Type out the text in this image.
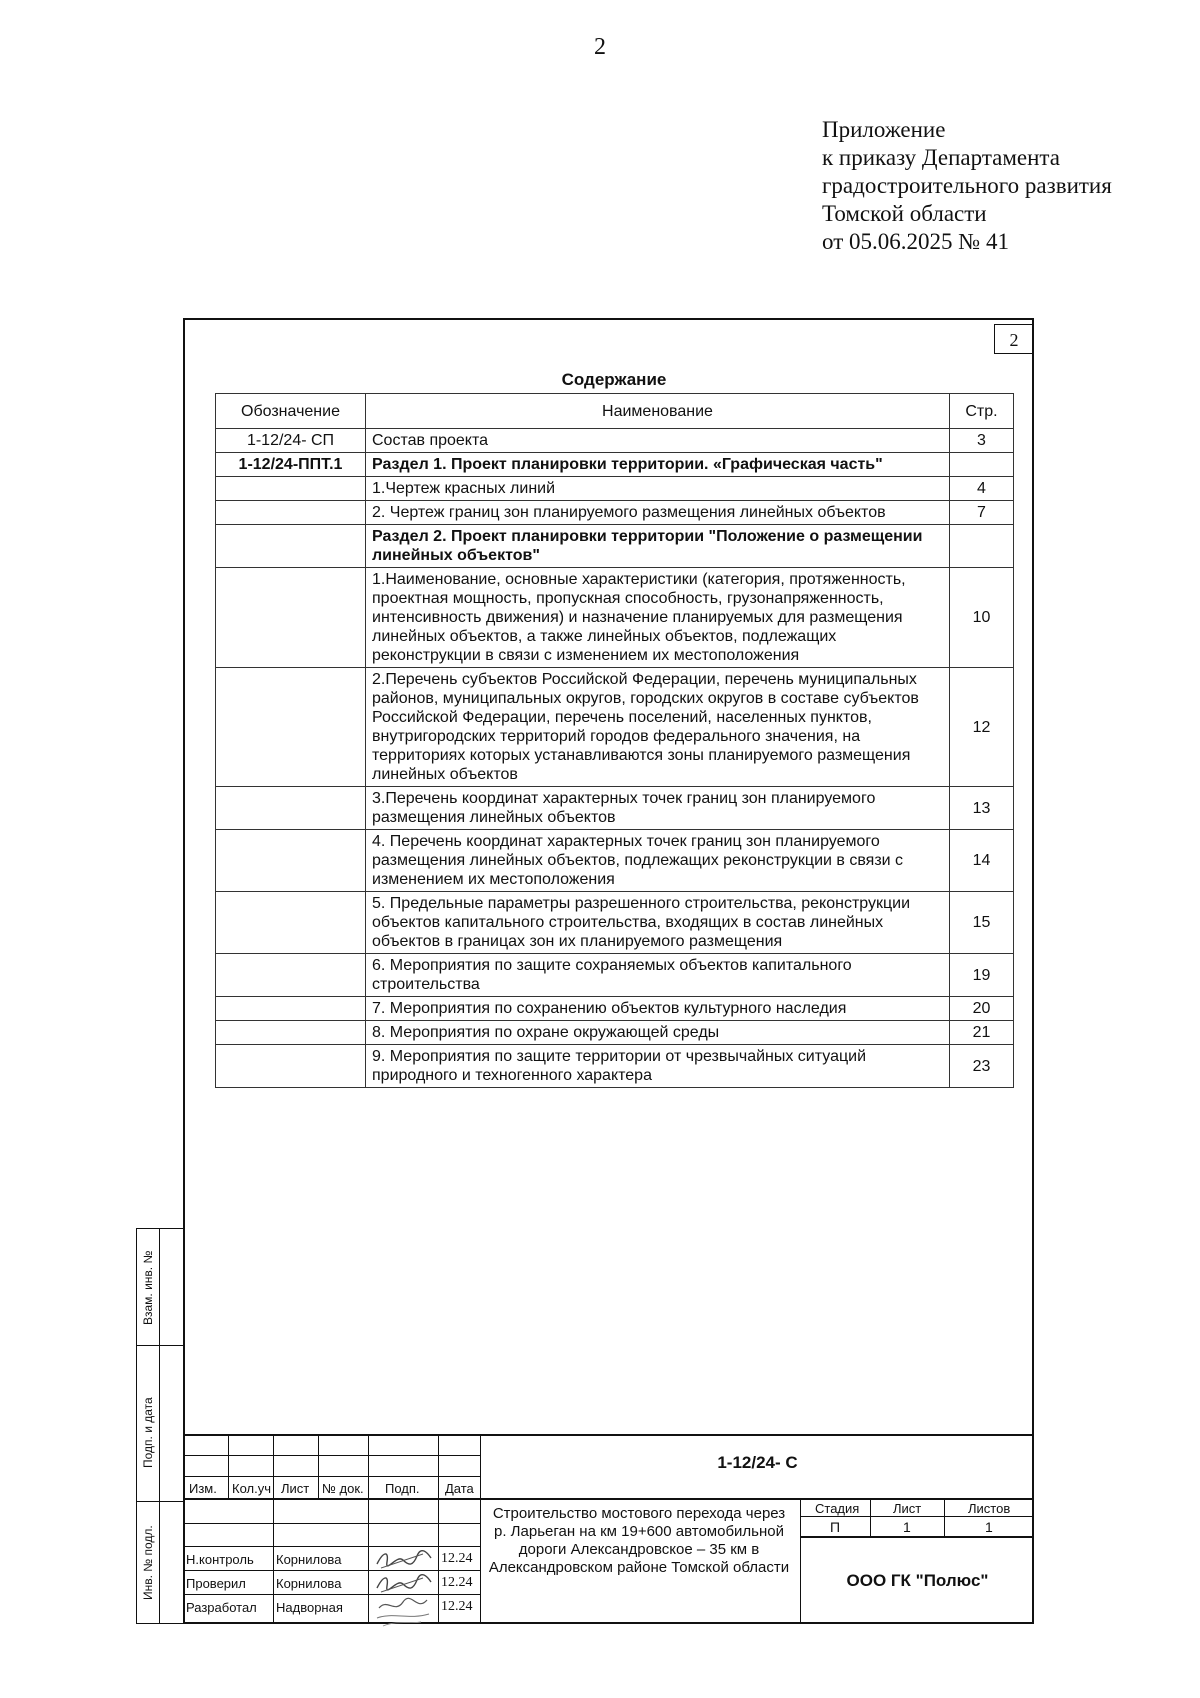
2
Приложение
к приказу Департамента
градостроительного развития
Томской области
от 05.06.2025 № 41
2
Содержание
Обозначение	Наименование	Стр.
1-12/24- СП	Состав проекта	3
1-12/24-ППТ.1	Раздел 1. Проект планировки территории. «Графическая часть"	
	1.Чертеж красных линий	4
	2. Чертеж границ зон планируемого размещения линейных объектов	7
	Раздел 2. Проект планировки территории "Положение о размещении линейных объектов"	
	1.Наименование, основные характеристики (категория, протяженность, проектная мощность, пропускная способность, грузонапряженность, интенсивность движения) и назначение планируемых для размещения линейных объектов, а также линейных объектов, подлежащих реконструкции в связи с изменением их местоположения	10
	2.Перечень субъектов Российской Федерации, перечень муниципальных районов, муниципальных округов, городских округов в составе субъектов Российской Федерации, перечень поселений, населенных пунктов, внутригородских территорий городов федерального значения, на территориях которых устанавливаются зоны планируемого размещения линейных объектов	12
	3.Перечень координат характерных точек границ зон планируемого размещения линейных объектов	13
	4. Перечень координат характерных точек границ зон планируемого размещения линейных объектов, подлежащих реконструкции в связи с изменением их местоположения	14
	5. Предельные параметры разрешенного строительства, реконструкции объектов капитального строительства, входящих в состав линейных объектов в границах зон их планируемого размещения	15
	6. Мероприятия по защите сохраняемых объектов капитального строительства	19
	7. Мероприятия по сохранению объектов культурного наследия	20
	8. Мероприятия по охране окружающей среды	21
	9. Мероприятия по защите территории от чрезвычайных ситуаций природного и техногенного характера	23
Взам. инв. №
Подп. и дата
Инв. № подл.
Изм. Кол.уч Лист № док. Подп. Дата
Н.контроль Корнилова	12.24
Проверил Корнилова	12.24
Разработал Надворная	12.24
1-12/24- С
Строительство мостового перехода через р. Ларьеган на км 19+600 автомобильной дороги Александровское – 35 км в Александровском районе Томской области
Стадия	Лист	Листов
П	1	1
ООО ГК "Полюс"
